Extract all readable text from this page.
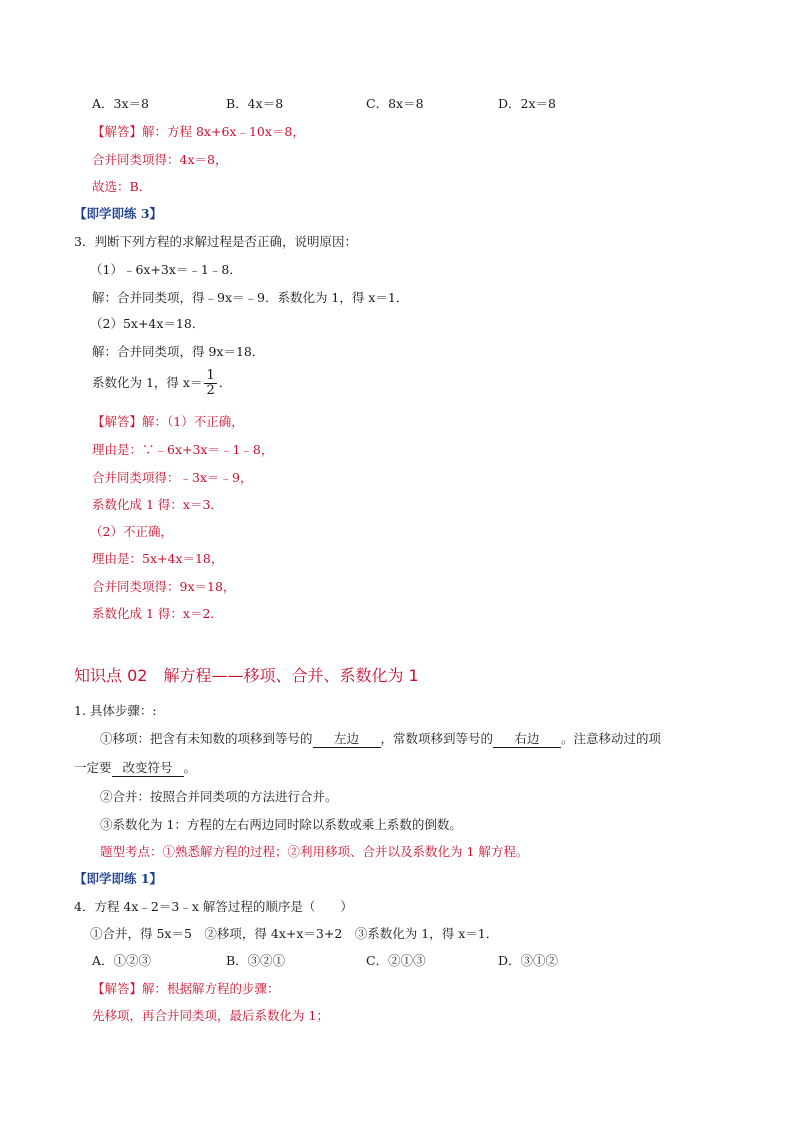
A．3x＝8	B．4x＝8	C．8x＝8	D．2x＝8
【解答】解：方程 8x+6x﹣10x＝8，
合并同类项得：4x＝8，
故选：B．
【即学即练 3】
3．判断下列方程的求解过程是否正确，说明原因：
（1）﹣6x+3x＝﹣1﹣8．
解：合并同类项，得﹣9x＝﹣9．系数化为 1，得 x＝1．
（2）5x+4x＝18．
解：合并同类项，得 9x＝18．
系数化为 1，得 $x= \frac{1}{2}$ ．
【解答】解：（1）不正确，
理由是：∵﹣6x+3x＝﹣1﹣8，
合并同类项得：﹣3x＝﹣9，
系数化成 1 得：x＝3．
（2）不正确，
理由是：5x+4x＝18，
合并同类项得：9x＝18，
系数化成 1 得：x＝2．
知识点 02　解方程——移项、合并、系数化为 1
1. 具体步骤：:
①移项：把含有未知数的项移到等号的 左边 ，常数项移到等号的 右边 。注意移动过的项
一定要 改变符号 。
②合并：按照合并同类项的方法进行合并。
③系数化为 1：方程的左右两边同时除以系数或乘上系数的倒数。
题型考点：①熟悉解方程的过程；②利用移项、合并以及系数化为 1 解方程。
【即学即练 1】
4．方程 4x﹣2＝3﹣x 解答过程的顺序是（　　）
①合并，得 5x＝5　②移项，得 4x+x＝3+2　③系数化为 1，得 x＝1．
A．①②③	B．③②①	C．②①③	D．③①②
【解答】解：根据解方程的步骤：
先移项，再合并同类项，最后系数化为 1；
